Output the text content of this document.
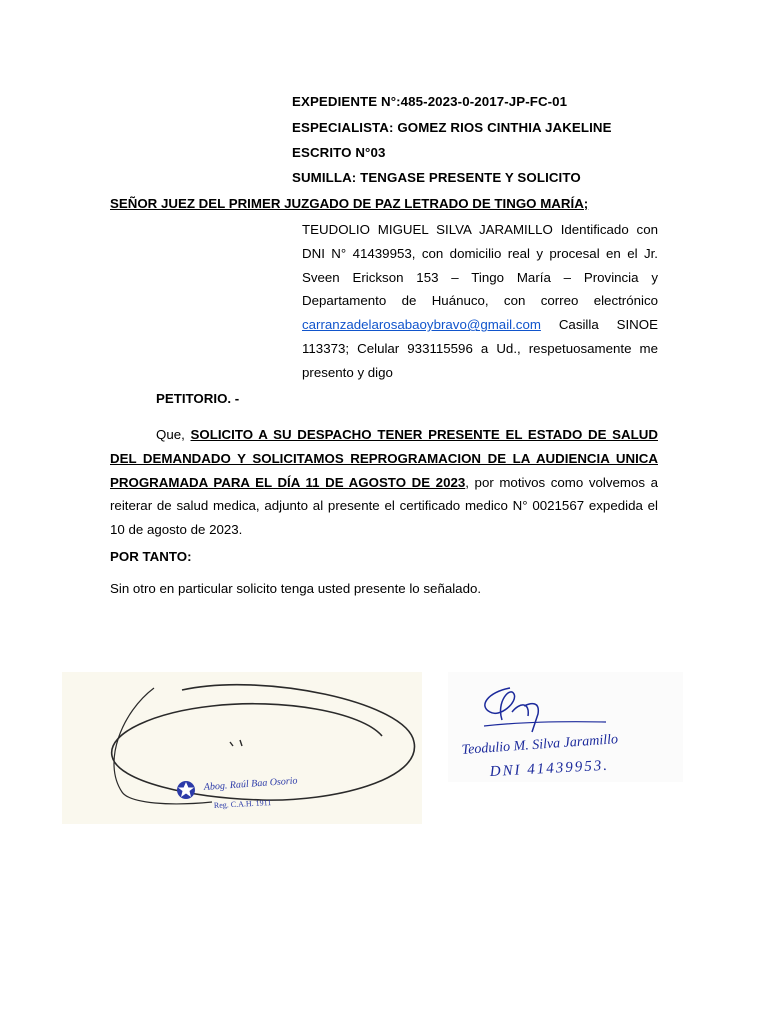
EXPEDIENTE N°:485-2023-0-2017-JP-FC-01
ESPECIALISTA: GOMEZ RIOS CINTHIA JAKELINE
ESCRITO N°03
SUMILLA: TENGASE PRESENTE Y SOLICITO
SEÑOR JUEZ DEL PRIMER JUZGADO DE PAZ LETRADO DE TINGO MARÍA;
TEUDOLIO MIGUEL SILVA JARAMILLO Identificado con DNI N° 41439953, con domicilio real y procesal en el Jr. Sveen Erickson 153 – Tingo María – Provincia y Departamento de Huánuco, con correo electrónico carranzadelarosabaoybravo@gmail.com Casilla SINOE 113373; Celular 933115596 a Ud., respetuosamente me presento y digo
PETITORIO. -
Que, SOLICITO A SU DESPACHO TENER PRESENTE EL ESTADO DE SALUD DEL DEMANDADO Y SOLICITAMOS REPROGRAMACION DE LA AUDIENCIA UNICA PROGRAMADA PARA EL DÍA 11 DE AGOSTO DE 2023, por motivos como volvemos a reiterar de salud medica, adjunto al presente el certificado medico N° 0021567 expedida el 10 de agosto de 2023.
POR TANTO:
Sin otro en particular solicito tenga usted presente lo señalado.
Abog. Raúl Baa Osorio
Reg. C.A.H. 1911
Teodulio M. Silva Jaramillo
DNI 41439953.
